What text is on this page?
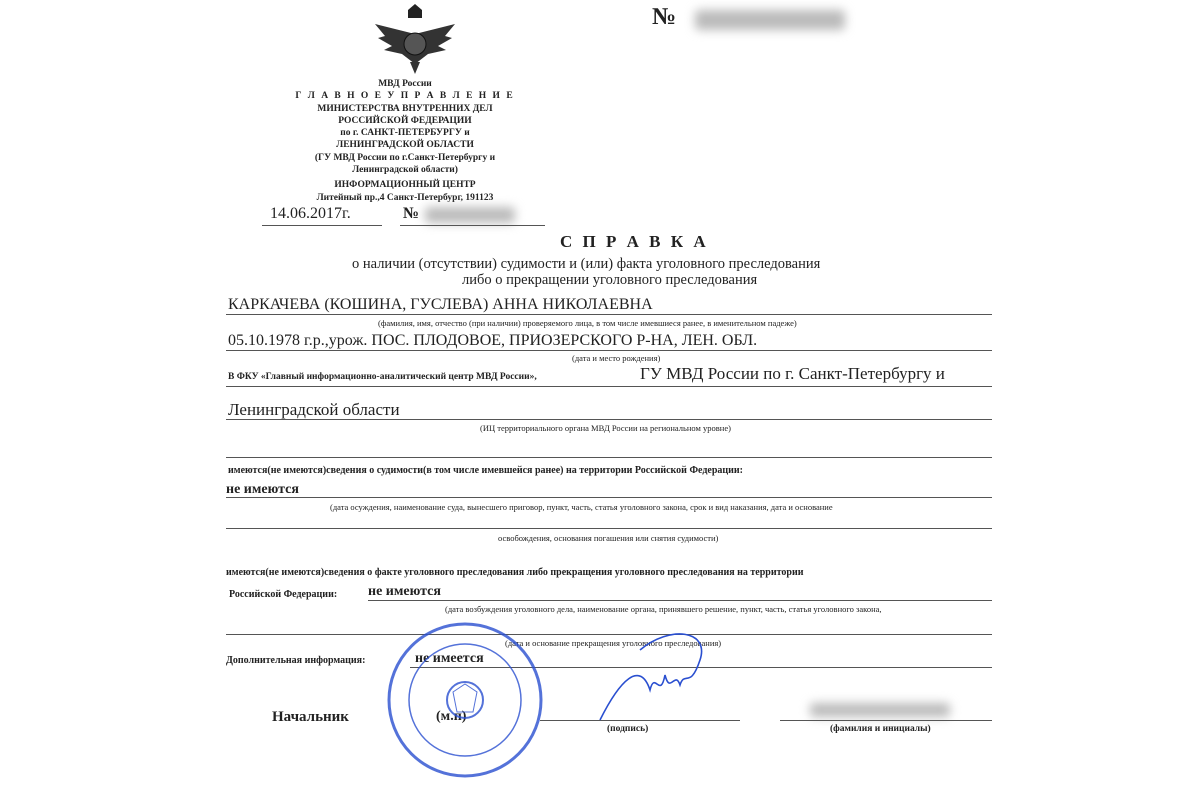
МВД России
Г Л А В Н О Е У П Р А В Л Е Н И Е
МИНИСТЕРСТВА ВНУТРЕННИХ ДЕЛ
РОССИЙСКОЙ ФЕДЕРАЦИИ
по г. САНКТ-ПЕТЕРБУРГУ и
ЛЕНИНГРАДСКОЙ ОБЛАСТИ
(ГУ МВД России по г.Санкт-Петербургу и
Ленинградской области)
ИНФОРМАЦИОННЫЙ ЦЕНТР
Литейный пр.,4 Санкт-Петербург, 191123
№
14.06.2017г.	№
С П Р А В К А
о наличии (отсутствии) судимости и (или) факта уголовного преследования
либо о прекращении уголовного преследования
КАРКАЧЕВА (КОШИНА, ГУСЛЕВА) АННА НИКОЛАЕВНА
(фамилия, имя, отчество (при наличии) проверяемого лица, в том числе имевшиеся ранее, в именительном падеже)
05.10.1978 г.р.,урож. ПОС. ПЛОДОВОЕ, ПРИОЗЕРСКОГО Р-НА, ЛЕН. ОБЛ.
(дата и место рождения)
В ФКУ «Главный информационно-аналитический центр МВД России»,	ГУ МВД России по г. Санкт-Петербургу и
Ленинградской области
(ИЦ территориального органа МВД России на региональном уровне)
имеются(не имеются)сведения о судимости(в том числе имевшейся ранее) на территории Российской Федерации:
не имеются
(дата осуждения, наименование суда, вынесшего приговор, пункт, часть, статья уголовного закона, срок и вид наказания, дата и основание
освобождения, основания погашения или снятия судимости)
имеются(не имеются)сведения о факте уголовного преследования либо прекращения уголовного преследования на территории
Российской Федерации: не имеются
(дата возбуждения уголовного дела, наименование органа, принявшего решение, пункт, часть, статья уголовного закона,
(дата и основание прекращения уголовного преследования)
Дополнительная информация:	не имеется
Начальник	(м.п)
(подпись)	(фамилия и инициалы)
